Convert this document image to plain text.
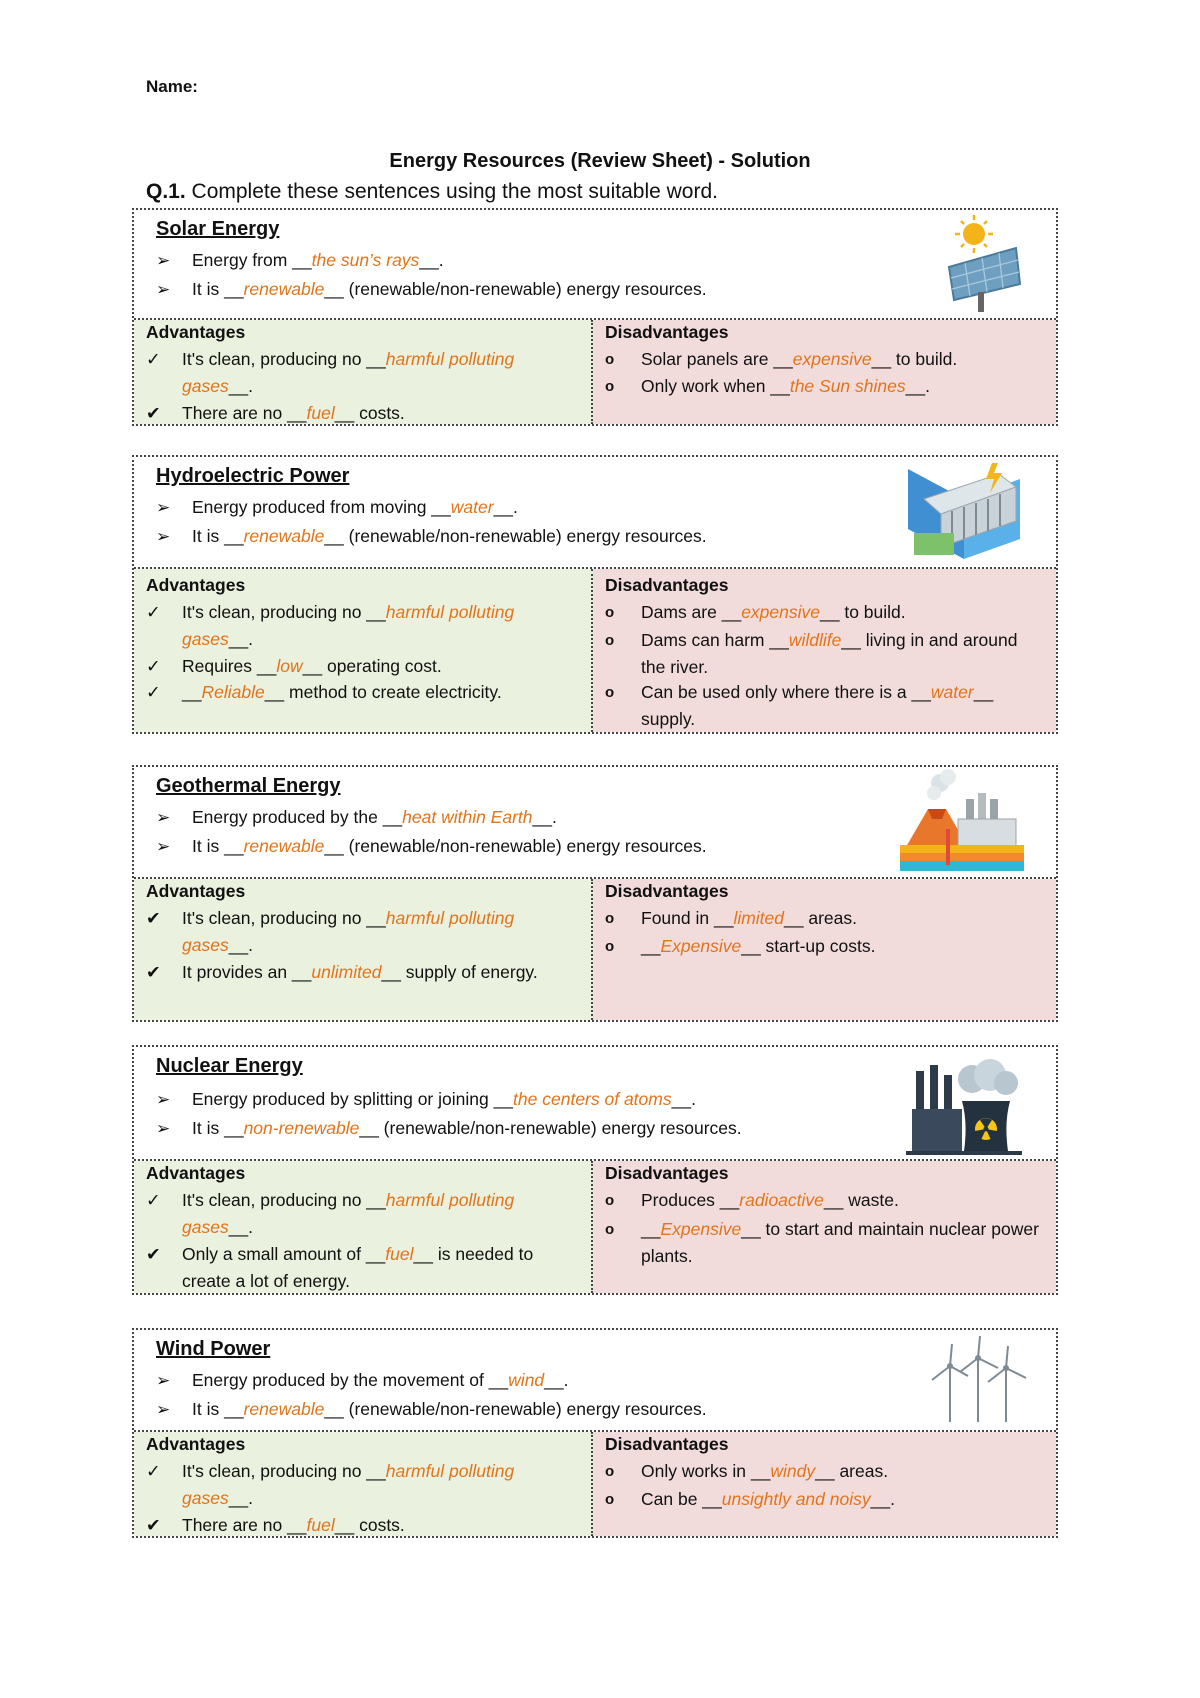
Name:
Energy Resources (Review Sheet) - Solution
Q.1. Complete these sentences using the most suitable word.
Solar Energy
➢ Energy from __the sun’s rays__.
➢ It is __renewable__ (renewable/non-renewable) energy resources.
Advantages
✓	It's clean, producing no __harmful polluting gases__.
✔	There are no __fuel__ costs.
Disadvantages
o	Solar panels are __expensive__ to build.
o	Only work when __the Sun shines__.
Hydroelectric Power
➢ Energy produced from moving __water__.
➢ It is __renewable__ (renewable/non-renewable) energy resources.
Advantages
✓	It's clean, producing no __harmful polluting gases__.
✓	Requires __low__ operating cost.
✓	__Reliable__ method to create electricity.
Disadvantages
o	Dams are __expensive__ to build.
o	Dams can harm __wildlife__ living in and around the river.
o	Can be used only where there is a __water__ supply.
Geothermal Energy
➢ Energy produced by the __heat within Earth__.
➢ It is __renewable__ (renewable/non-renewable) energy resources.
Advantages
✔	It's clean, producing no __harmful polluting gases__.
✔	It provides an __unlimited__ supply of energy.
Disadvantages
o	Found in __limited__ areas.
o	__Expensive__ start-up costs.
Nuclear Energy
➢ Energy produced by splitting or joining __the centers of atoms__.
➢ It is __non-renewable__ (renewable/non-renewable) energy resources.
Advantages
✓	It's clean, producing no __harmful polluting gases__.
✔	Only a small amount of __fuel__ is needed to create a lot of energy.
Disadvantages
o	Produces __radioactive__ waste.
o	__Expensive__ to start and maintain nuclear power plants.
Wind Power
➢ Energy produced by the movement of __wind__.
➢ It is __renewable__ (renewable/non-renewable) energy resources.
Advantages
✓	It's clean, producing no __harmful polluting gases__.
✔	There are no __fuel__ costs.
Disadvantages
o	Only works in __windy__ areas.
o	Can be __unsightly and noisy__.
